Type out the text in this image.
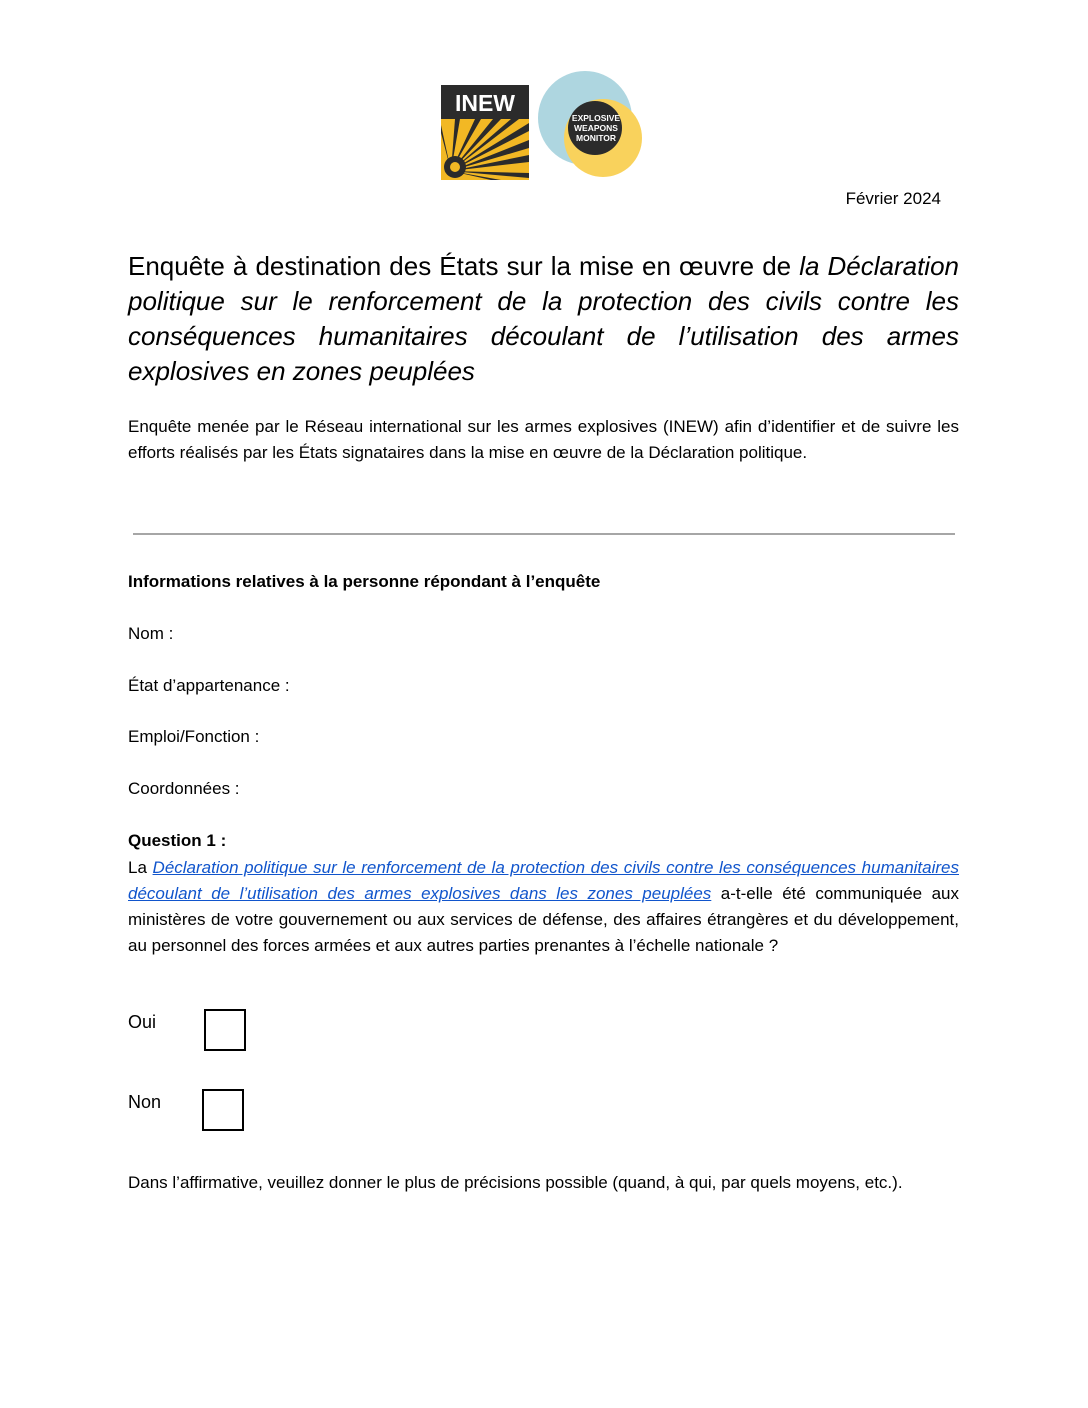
INEW
EXPLOSIVE
WEAPONS
MONITOR
Février 2024
Enquête à destination des États sur la mise en œuvre de la Déclaration politique sur le renforcement de la protection des civils contre les conséquences humanitaires découlant de l’utilisation des armes explosives en zones peuplées
Enquête menée par le Réseau international sur les armes explosives (INEW) afin d’identifier et de suivre les efforts réalisés par les États signataires dans la mise en œuvre de la Déclaration politique.
Informations relatives à la personne répondant à l’enquête
Nom :
État d’appartenance :
Emploi/Fonction :
Coordonnées :
Question 1 :
La Déclaration politique sur le renforcement de la protection des civils contre les conséquences humanitaires découlant de l’utilisation des armes explosives dans les zones peuplées a-t-elle été communiquée aux ministères de votre gouvernement ou aux services de défense, des affaires étrangères et du développement, au personnel des forces armées et aux autres parties prenantes à l’échelle nationale ?
Oui
Non
Dans l’affirmative, veuillez donner le plus de précisions possible (quand, à qui, par quels moyens, etc.).
